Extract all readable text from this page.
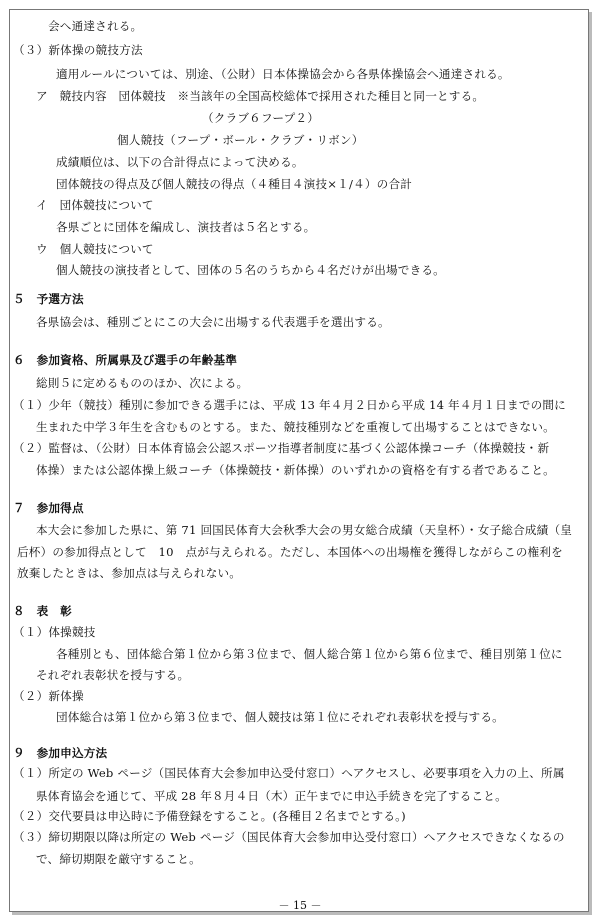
会へ通達される。
（３）新体操の競技方法
適用ルールについては、別途、（公財）日本体操協会から各県体操協会へ通達される。
ア　競技内容　団体競技　※当該年の全国高校総体で採用された種目と同一とする。
（クラブ６フープ２）
個人競技（フープ・ボール・クラブ・リボン）
成績順位は、以下の合計得点によって決める。
団体競技の得点及び個人競技の得点（４種目４演技×１/４）の合計
イ　団体競技について
各県ごとに団体を編成し、演技者は５名とする。
ウ　個人競技について
個人競技の演技者として、団体の５名のうちから４名だけが出場できる。
５　予選方法
各県協会は、種別ごとにこの大会に出場する代表選手を選出する。
６　参加資格、所属県及び選手の年齢基準
総則５に定めるもののほか、次による。
（１）少年（競技）種別に参加できる選手には、平成 13 年４月２日から平成 14 年４月１日までの間に
生まれた中学３年生を含むものとする。また、競技種別などを重複して出場することはできない。
（２）監督は、（公財）日本体育協会公認スポーツ指導者制度に基づく公認体操コーチ（体操競技・新
体操）または公認体操上級コーチ（体操競技・新体操）のいずれかの資格を有する者であること。
７　参加得点
本大会に参加した県に、第 71 回国民体育大会秋季大会の男女総合成績（天皇杯）・女子総合成績（皇
后杯）の参加得点として　10　点が与えられる。ただし、本国体への出場権を獲得しながらこの権利を
放棄したときは、参加点は与えられない。
８　表　彰
（１）体操競技
各種別とも、団体総合第１位から第３位まで、個人総合第１位から第６位まで、種目別第１位に
それぞれ表彰状を授与する。
（２）新体操
団体総合は第１位から第３位まで、個人競技は第１位にそれぞれ表彰状を授与する。
９　参加申込方法
－ 15 －
（１）所定の Web ページ（国民体育大会参加申込受付窓口）へアクセスし、必要事項を入力の上、所属
県体育協会を通じて、平成 28 年８月４日（木）正午までに申込手続きを完了すること。
（２）交代要員は申込時に予備登録をすること。(各種目２名までとする。)
（３）締切期限以降は所定の Web ページ（国民体育大会参加申込受付窓口）へアクセスできなくなるの
で、締切期限を厳守すること。
